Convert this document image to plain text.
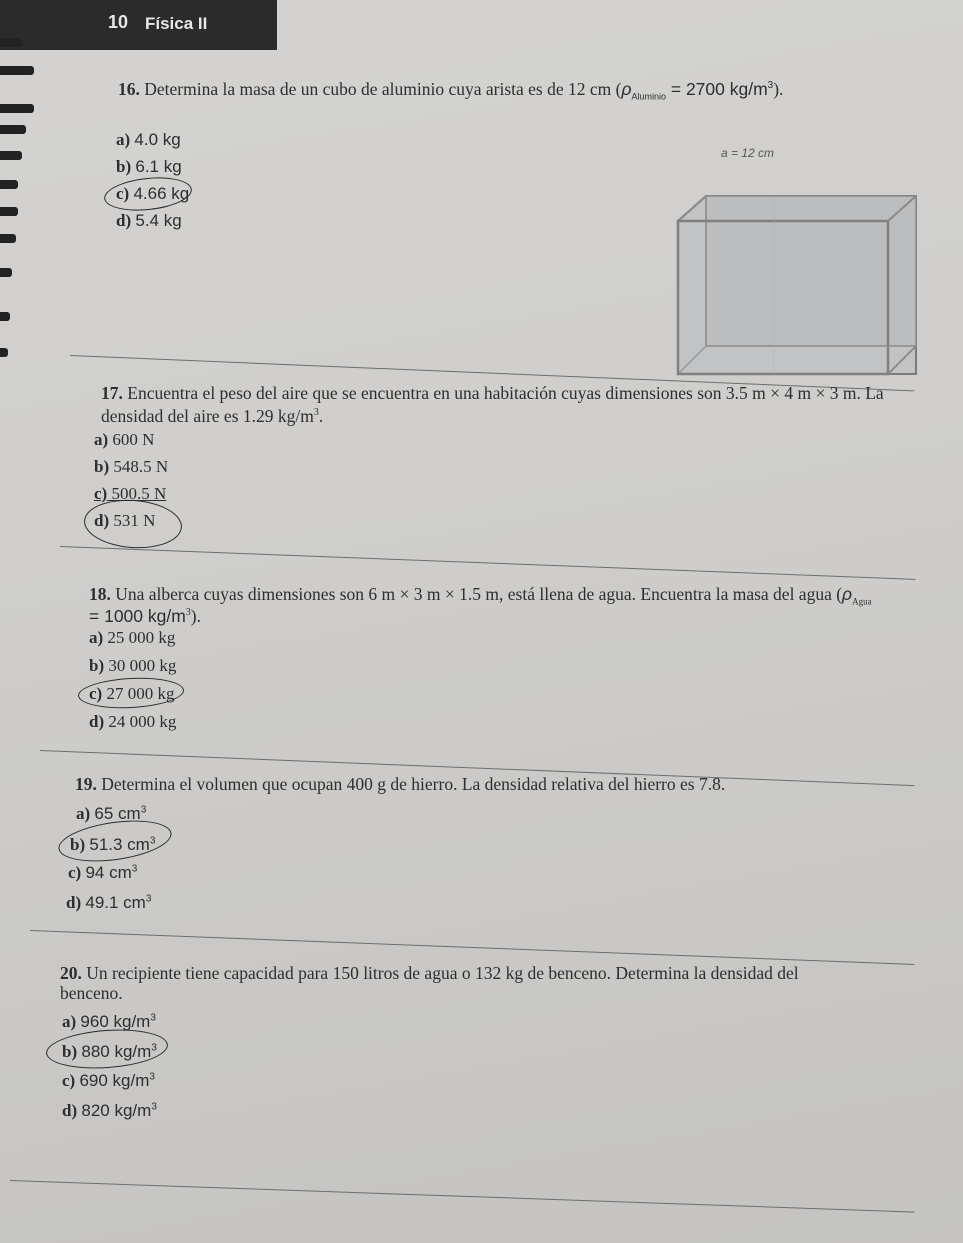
10 Física II
16. Determina la masa de un cubo de aluminio cuya arista es de 12 cm ($\rho_{Aluminio} = 2700$ $kg/m^3$).
a) 4.0 kg
b) 6.1 kg
c) 4.66 kg
d) 5.4 kg
a = 12 cm
17. Encuentra el peso del aire que se encuentra en una habitación cuyas dimensiones son 3.5 m × 4 m × 3 m. La
densidad del aire es 1.29 $kg/m^3$.
a) 600 N
b) 548.5 N
c) 500.5 N
d) 531 N
18. Una alberca cuyas dimensiones son 6 m × 3 m × 1.5 m, está llena de agua. Encuentra la masa del agua ($\rho_{Agua}$
= 1000 $kg/m^3$).
a) 25 000 kg
b) 30 000 kg
c) 27 000 kg
d) 24 000 kg
19. Determina el volumen que ocupan 400 g de hierro. La densidad relativa del hierro es 7.8.
a) 65 $cm^3$
b) 51.3 $cm^3$
c) 94 $cm^3$
d) 49.1 $cm^3$
20. Un recipiente tiene capacidad para 150 litros de agua o 132 kg de benceno. Determina la densidad del
benceno.
a) 960 $kg/m^3$
b) 880 $kg/m^3$
c) 690 $kg/m^3$
d) 820 $kg/m^3$
